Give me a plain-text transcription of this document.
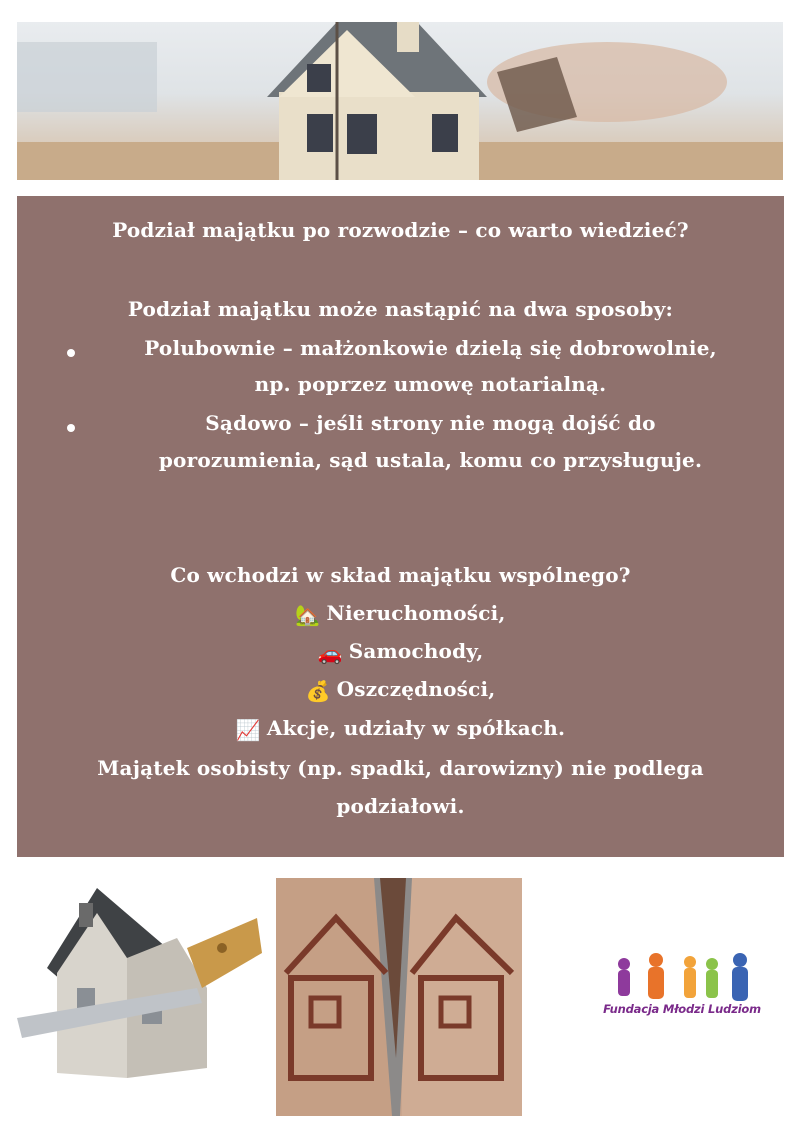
Podział majątku po rozwodzie – co warto wiedzieć?
Podział majątku może nastąpić na dwa sposoby:
Polubownie – małżonkowie dzielą się dobrowolnie,
np. poprzez umowę notarialną.
Sądowo – jeśli strony nie mogą dojść do
porozumienia, sąd ustala, komu co przysługuje.
Co wchodzi w skład majątku wspólnego?
🏡 Nieruchomości,
🚗 Samochody,
💰 Oszczędności,
📈 Akcje, udziały w spółkach.
Majątek osobisty (np. spadki, darowizny) nie podlega
podziałowi.
Fundacja Młodzi Ludziom
